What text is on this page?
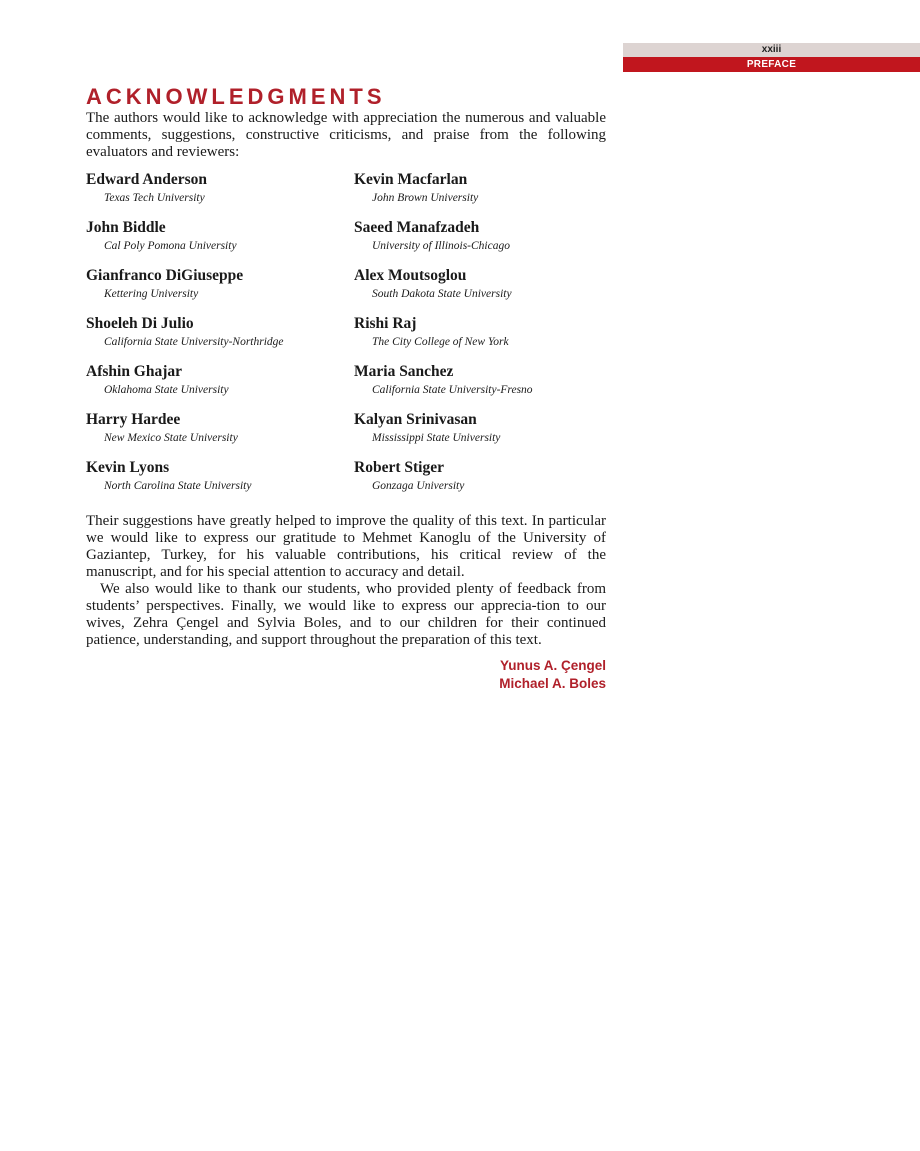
xxiii
PREFACE
ACKNOWLEDGMENTS

The authors would like to acknowledge with appreciation the numerous and valuable comments, suggestions, constructive criticisms, and praise from the following evaluators and reviewers:

Edward Anderson
Texas Tech University
Kevin Macfarlan
John Brown University
John Biddle
Cal Poly Pomona University
Saeed Manafzadeh
University of Illinois-Chicago
Gianfranco DiGiuseppe
Kettering University
Alex Moutsoglou
South Dakota State University
Shoeleh Di Julio
California State University-Northridge
Rishi Raj
The City College of New York
Afshin Ghajar
Oklahoma State University
Maria Sanchez
California State University-Fresno
Harry Hardee
New Mexico State University
Kalyan Srinivasan
Mississippi State University
Kevin Lyons
North Carolina State University
Robert Stiger
Gonzaga University

Their suggestions have greatly helped to improve the quality of this text. In particular we would like to express our gratitude to Mehmet Kanoglu of the University of Gaziantep, Turkey, for his valuable contributions, his critical review of the manuscript, and for his special attention to accuracy and detail.

We also would like to thank our students, who provided plenty of feedback from students’ perspectives. Finally, we would like to express our apprecia-tion to our wives, Zehra Çengel and Sylvia Boles, and to our children for their continued patience, understanding, and support throughout the preparation of this text.

Yunus A. Çengel
Michael A. Boles
